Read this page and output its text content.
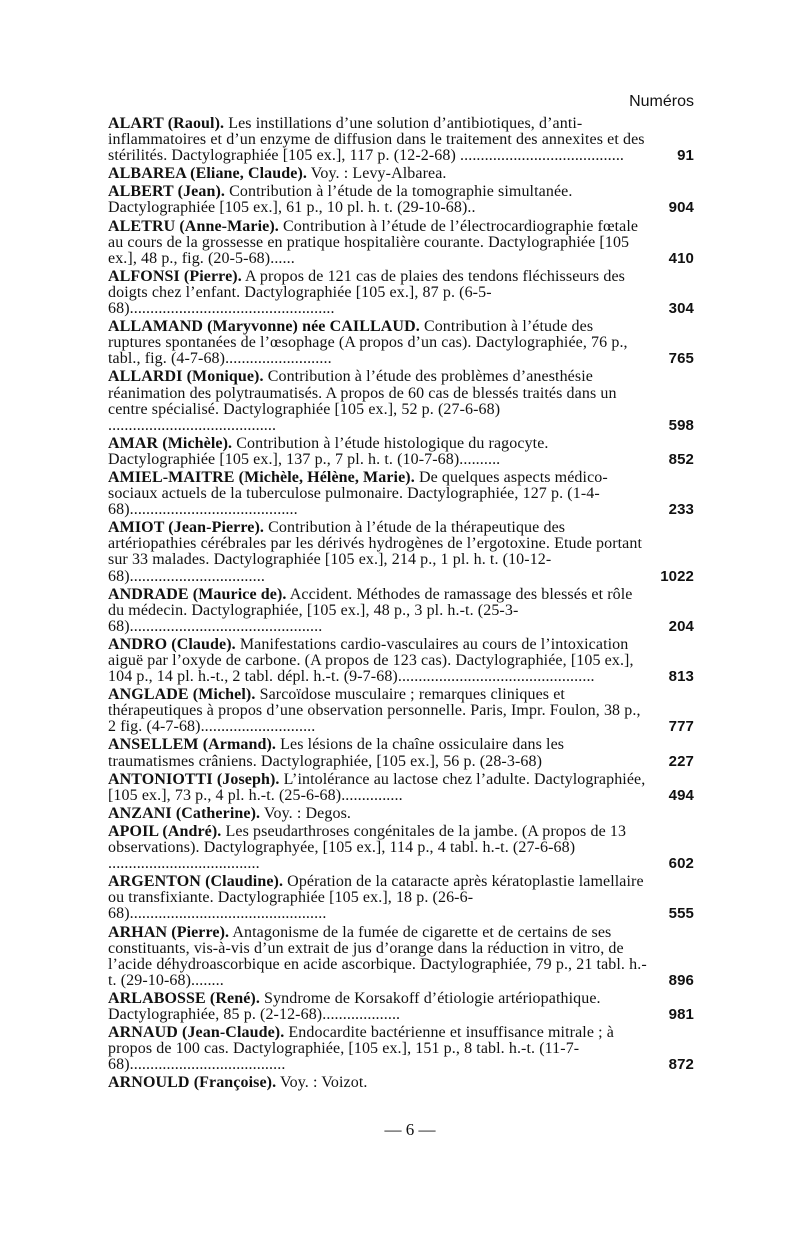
Numéros
ALART (Raoul). Les instillations d’une solution d’antibiotiques, d’anti-inflammatoires et d’un enzyme de diffusion dans le traitement des annexites et des stérilités. Dactylographiée [105 ex.], 117 p. (12-2-68) ........................................	91
ALBAREA (Eliane, Claude). Voy. : Levy-Albarea.
ALBERT (Jean). Contribution à l’étude de la tomographie simultanée. Dactylographiée [105 ex.], 61 p., 10 pl. h. t. (29-10-68)..	904
ALETRU (Anne-Marie). Contribution à l’étude de l’électrocardiographie fœtale au cours de la grossesse en pratique hospitalière courante. Dactylographiée [105 ex.], 48 p., fig. (20-5-68)......	410
ALFONSI (Pierre). A propos de 121 cas de plaies des tendons fléchisseurs des doigts chez l’enfant. Dactylographiée [105 ex.], 87 p. (6-5-68)..................................................	304
ALLAMAND (Maryvonne) née CAILLAUD. Contribution à l’étude des ruptures spontanées de l’œsophage (A propos d’un cas). Dactylographiée, 76 p., tabl., fig. (4-7-68)..........................	765
ALLARDI (Monique). Contribution à l’étude des problèmes d’anesthésie réanimation des polytraumatisés. A propos de 60 cas de blessés traités dans un centre spécialisé. Dactylographiée [105 ex.], 52 p. (27-6-68) .........................................	598
AMAR (Michèle). Contribution à l’étude histologique du ragocyte. Dactylographiée [105 ex.], 137 p., 7 pl. h. t. (10-7-68)..........	852
AMIEL-MAITRE (Michèle, Hélène, Marie). De quelques aspects médico-sociaux actuels de la tuberculose pulmonaire. Dactylographiée, 127 p. (1-4-68).........................................	233
AMIOT (Jean-Pierre). Contribution à l’étude de la thérapeutique des artériopathies cérébrales par les dérivés hydrogènes de l’ergotoxine. Etude portant sur 33 malades. Dactylographiée [105 ex.], 214 p., 1 pl. h. t. (10-12-68).................................	1022
ANDRADE (Maurice de). Accident. Méthodes de ramassage des blessés et rôle du médecin. Dactylographiée, [105 ex.], 48 p., 3 pl. h.-t. (25-3-68)...............................................	204
ANDRO (Claude). Manifestations cardio-vasculaires au cours de l’intoxication aiguë par l’oxyde de carbone. (A propos de 123 cas). Dactylographiée, [105 ex.], 104 p., 14 pl. h.-t., 2 tabl. dépl. h.-t. (9-7-68)................................................	813
ANGLADE (Michel). Sarcoïdose musculaire ; remarques cliniques et thérapeutiques à propos d’une observation personnelle. Paris, Impr. Foulon, 38 p., 2 fig. (4-7-68)............................	777
ANSELLEM (Armand). Les lésions de la chaîne ossiculaire dans les traumatismes crâniens. Dactylographiée, [105 ex.], 56 p. (28-3-68)	227
ANTONIOTTI (Joseph). L’intolérance au lactose chez l’adulte. Dactylographiée, [105 ex.], 73 p., 4 pl. h.-t. (25-6-68)...............	494
ANZANI (Catherine). Voy. : Degos.
APOIL (André). Les pseudarthroses congénitales de la jambe. (A propos de 13 observations). Dactylographyée, [105 ex.], 114 p., 4 tabl. h.-t. (27-6-68) .....................................	602
ARGENTON (Claudine). Opération de la cataracte après kératoplastie lamellaire ou transfixiante. Dactylographiée [105 ex.], 18 p. (26-6-68)................................................	555
ARHAN (Pierre). Antagonisme de la fumée de cigarette et de certains de ses constituants, vis-à-vis d’un extrait de jus d’orange dans la réduction in vitro, de l’acide déhydroascorbique en acide ascorbique. Dactylographiée, 79 p., 21 tabl. h.-t. (29-10-68)........	896
ARLABOSSE (René). Syndrome de Korsakoff d’étiologie artériopathique. Dactylographiée, 85 p. (2-12-68)...................	981
ARNAUD (Jean-Claude). Endocardite bactérienne et insuffisance mitrale ; à propos de 100 cas. Dactylographiée, [105 ex.], 151 p., 8 tabl. h.-t. (11-7-68)......................................	872
ARNOULD (Françoise). Voy. : Voizot.
— 6 —
